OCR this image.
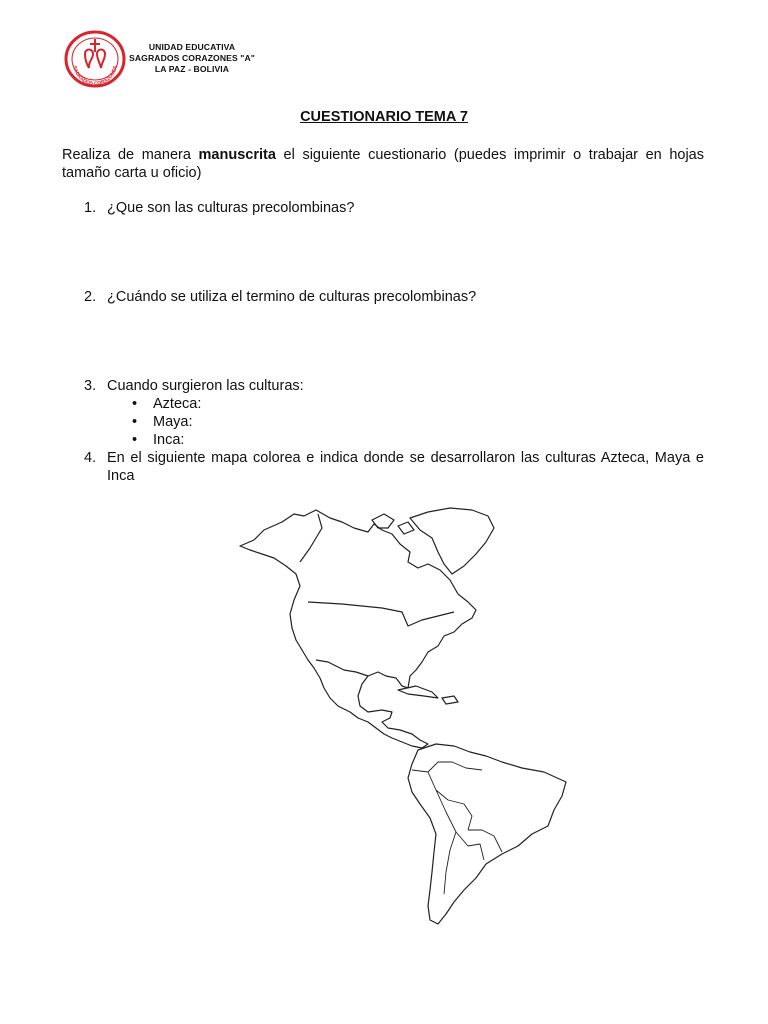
SAGRADOS CORAZONES
UNIDAD EDUCATIVA
SAGRADOS CORAZONES "A"
LA PAZ - BOLIVIA
CUESTIONARIO TEMA 7
Realiza de manera manuscrita el siguiente cuestionario (puedes imprimir o trabajar en hojas tamaño carta u oficio)
1. ¿Que son las culturas precolombinas?
2. ¿Cuándo se utiliza el termino de culturas precolombinas?
3. Cuando surgieron las culturas:
• Azteca:
• Maya:
• Inca:
4. En el siguiente mapa colorea e indica donde se desarrollaron las culturas Azteca, Maya e Inca
